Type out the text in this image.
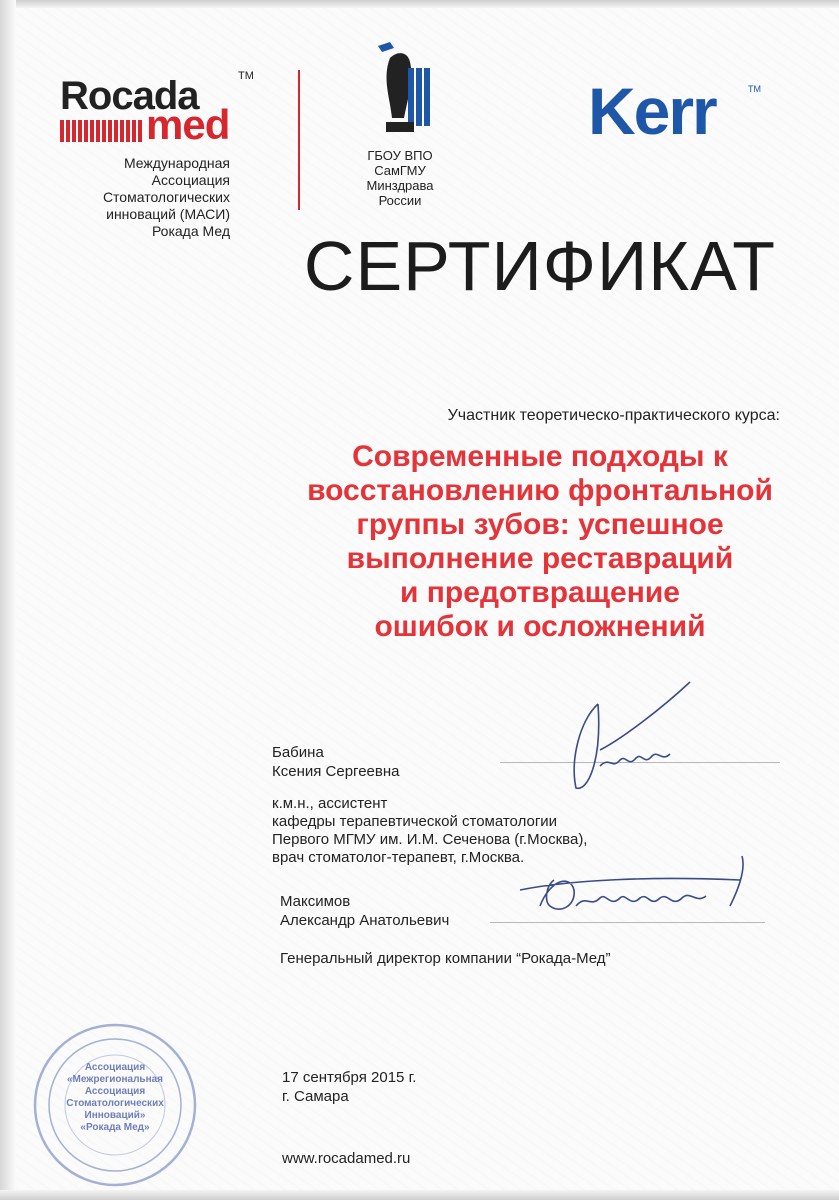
Rocada
med
TM
Международная
Ассоциация
Стоматологических
инноваций (МАСИ)
Рокада Мед
ГБОУ ВПО
СамГМУ
Минздрава
России
Kerr	TM
СЕРТИФИКАТ
Участник теоретическо-практического курса:
Современные подходы к
восстановлению фронтальной
группы зубов: успешное
выполнение реставраций
и предотвращение
ошибок и осложнений
Бабина
Ксения Сергеевна
к.м.н., ассистент
кафедры терапевтической стоматологии
Первого МГМУ им. И.М. Сеченова (г.Москва),
врач стоматолог-терапевт, г.Москва.
Максимов
Александр Анатольевич
Генеральный директор компании “Рокада-Мед”
Ассоциация
«Межрегиональная
Ассоциация
Стоматологических
Инноваций»
«Рокада Мед»
17 сентября 2015 г.
г. Самара
www.rocadamed.ru
